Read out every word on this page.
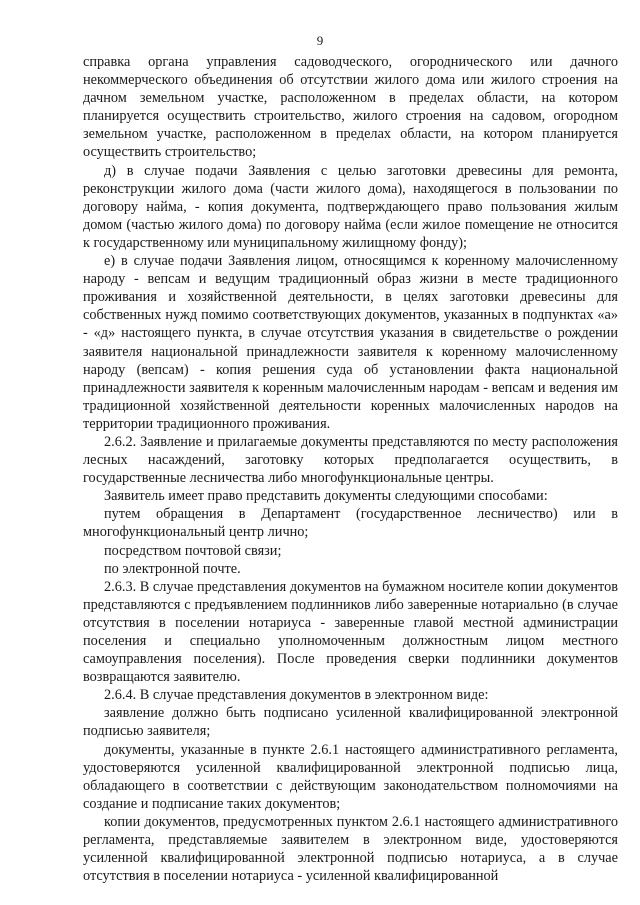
9

справка органа управления садоводческого, огороднического или дачного некоммерческого объединения об отсутствии жилого дома или жилого строения на дачном земельном участке, расположенном в пределах области, на котором планируется осуществить строительство, жилого строения на садовом, огородном земельном участке, расположенном в пределах области, на котором планируется осуществить строительство;

д) в случае подачи Заявления с целью заготовки древесины для ремонта, реконструкции жилого дома (части жилого дома), находящегося в пользовании по договору найма, - копия документа, подтверждающего право пользования жилым домом (частью жилого дома) по договору найма (если жилое помещение не относится к государственному или муниципальному жилищному фонду);

е) в случае подачи Заявления лицом, относящимся к коренному малочисленному народу - вепсам и ведущим традиционный образ жизни в месте традиционного проживания и хозяйственной деятельности, в целях заготовки древесины для собственных нужд помимо соответствующих документов, указанных в подпунктах «а» - «д» настоящего пункта, в случае отсутствия указания в свидетельстве о рождении заявителя национальной принадлежности заявителя к коренному малочисленному народу (вепсам) - копия решения суда об установлении факта национальной принадлежности заявителя к коренным малочисленным народам - вепсам и ведения им традиционной хозяйственной деятельности коренных малочисленных народов на территории традиционного проживания.

2.6.2. Заявление и прилагаемые документы представляются по месту расположения лесных насаждений, заготовку которых предполагается осуществить, в государственные лесничества либо многофункциональные центры.

Заявитель имеет право представить документы следующими способами:

путем обращения в Департамент (государственное лесничество) или в многофункциональный центр лично;

посредством почтовой связи;

по электронной почте.

2.6.3. В случае представления документов на бумажном носителе копии документов представляются с предъявлением подлинников либо заверенные нотариально (в случае отсутствия в поселении нотариуса - заверенные главой местной администрации поселения и специально уполномоченным должностным лицом местного самоуправления поселения). После проведения сверки подлинники документов возвращаются заявителю.

2.6.4. В случае представления документов в электронном виде:

заявление должно быть подписано усиленной квалифицированной электронной подписью заявителя;

документы, указанные в пункте 2.6.1 настоящего административного регламента, удостоверяются усиленной квалифицированной электронной подписью лица, обладающего в соответствии с действующим законодательством полномочиями на создание и подписание таких документов;

копии документов, предусмотренных пунктом 2.6.1 настоящего административного регламента, представляемые заявителем в электронном виде, удостоверяются усиленной квалифицированной электронной подписью нотариуса, а в случае отсутствия в поселении нотариуса - усиленной квалифицированной
